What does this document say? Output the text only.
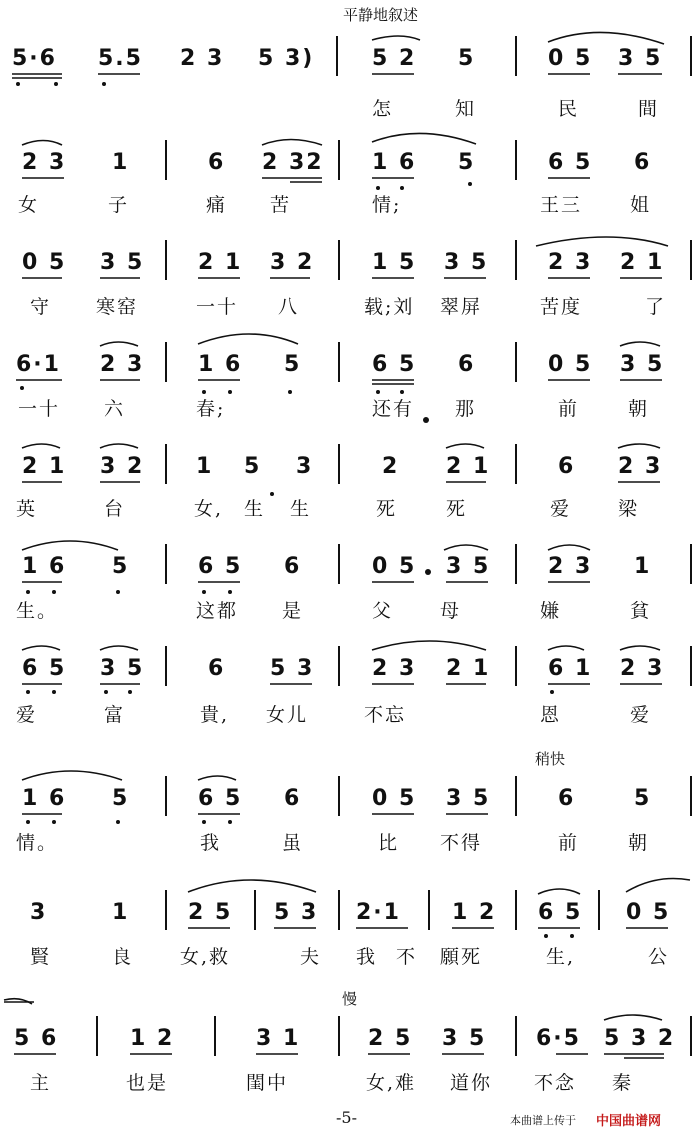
平静地叙述
稍快
慢
5·6 5.5 2 3 5 3)	5 2 5	0 5 3 5
怎	知	民	間
2 3 1	6 2 32 1 6 5	6 5 6
女	子	痛 苦	情;	王三	姐
0 5 3 5 2 1 3 2	1 5 3 5	2 3 2 1
守 寒窑	一十 八	载;刘 翠屏	苦度	了
6·1 2 3 1 6 5	6 5 6	0 5 3 5
一十 六	春;	还有 那	前	朝
2 1 3 2 1 5 3	2 2 1	6 2 3
英	台	女, 生 生	死	死	爱 梁
1 6 5	6 5 6	0 5 3 5	2 3 1
生。	这都 是	父 母	嫌	貧
6 5 3 5	6 5 3	2 3 2 1	6 1 2 3
爱	富	貴, 女儿	不忘	恩	爱
1 6 5	6 5 6	0 5 3 5	6	5
情。	我	虽	比 不得	前	朝
3	1	2 5 5 3 2·1 1 2 6 5 0 5
賢	良 女,救	夫 我 不 願死	生,	公
5 6	1 2	3 1	2 5 3 5 6·5 5 3 2
主	也是	閨中	女,难 道你 不念 秦
-5-	本曲谱上传于 中国曲谱网
